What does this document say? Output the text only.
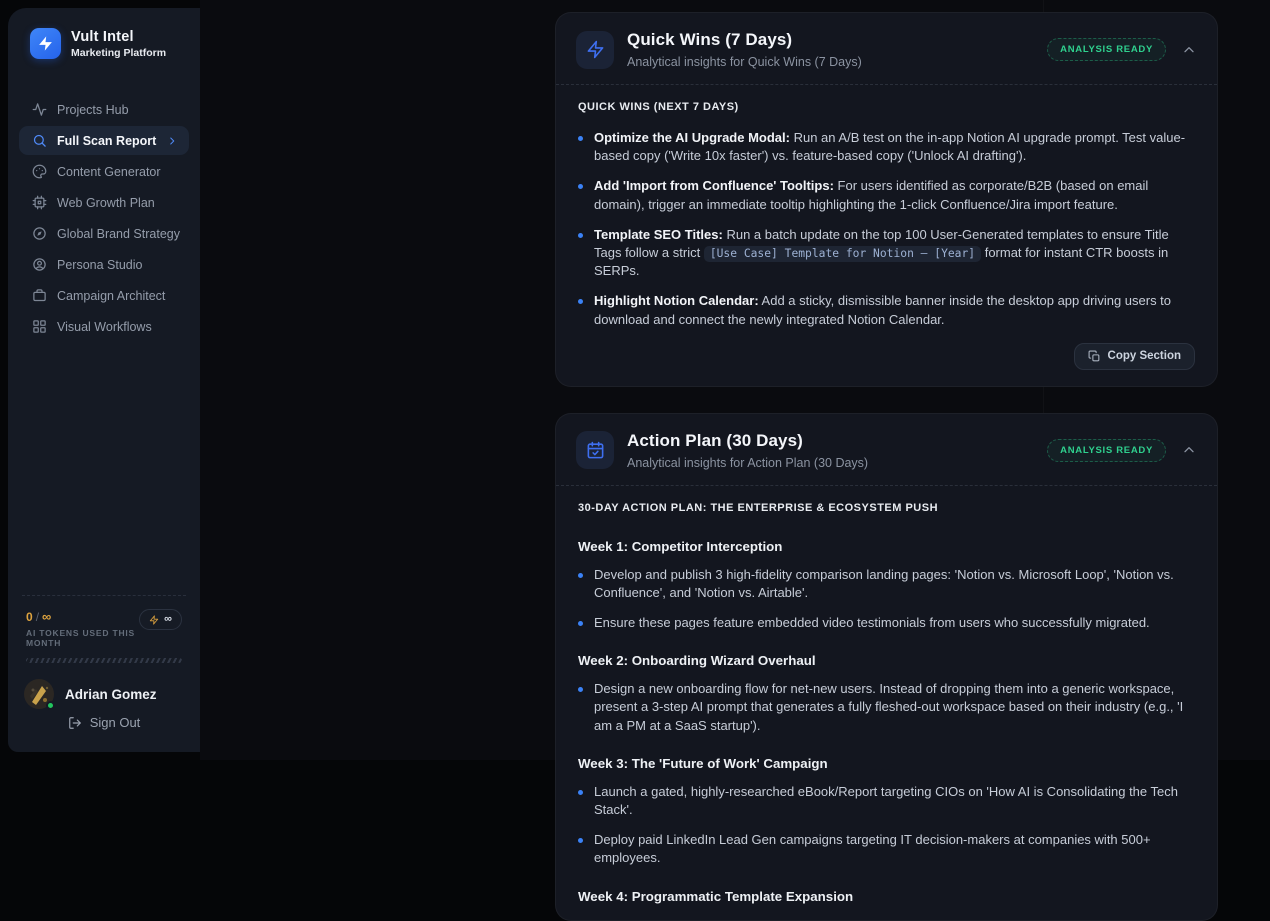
Vult Intel
Marketing Platform
Projects Hub
Full Scan Report
Content Generator
Web Growth Plan
Global Brand Strategy
Persona Studio
Campaign Architect
Visual Workflows
0 / ∞
AI TOKENS USED THIS MONTH
∞
Adrian Gomez
Sign Out
Quick Wins (7 Days)
Analytical insights for Quick Wins (7 Days)
ANALYSIS READY
QUICK WINS (NEXT 7 DAYS)
Optimize the AI Upgrade Modal: Run an A/B test on the in-app Notion AI upgrade prompt. Test value-based copy ('Write 10x faster') vs. feature-based copy ('Unlock AI drafting').
Add 'Import from Confluence' Tooltips: For users identified as corporate/B2B (based on email domain), trigger an immediate tooltip highlighting the 1-click Confluence/Jira import feature.
Template SEO Titles: Run a batch update on the top 100 User-Generated templates to ensure Title Tags follow a strict [Use Case] Template for Notion — [Year] format for instant CTR boosts in SERPs.
Highlight Notion Calendar: Add a sticky, dismissible banner inside the desktop app driving users to download and connect the newly integrated Notion Calendar.
Copy Section
Action Plan (30 Days)
Analytical insights for Action Plan (30 Days)
ANALYSIS READY
30-DAY ACTION PLAN: THE ENTERPRISE & ECOSYSTEM PUSH
Week 1: Competitor Interception
Develop and publish 3 high-fidelity comparison landing pages: 'Notion vs. Microsoft Loop', 'Notion vs. Confluence', and 'Notion vs. Airtable'.
Ensure these pages feature embedded video testimonials from users who successfully migrated.
Week 2: Onboarding Wizard Overhaul
Design a new onboarding flow for net-new users. Instead of dropping them into a generic workspace, present a 3-step AI prompt that generates a fully fleshed-out workspace based on their industry (e.g., 'I am a PM at a SaaS startup').
Week 3: The 'Future of Work' Campaign
Launch a gated, highly-researched eBook/Report targeting CIOs on 'How AI is Consolidating the Tech Stack'.
Deploy paid LinkedIn Lead Gen campaigns targeting IT decision-makers at companies with 500+ employees.
Week 4: Programmatic Template Expansion
